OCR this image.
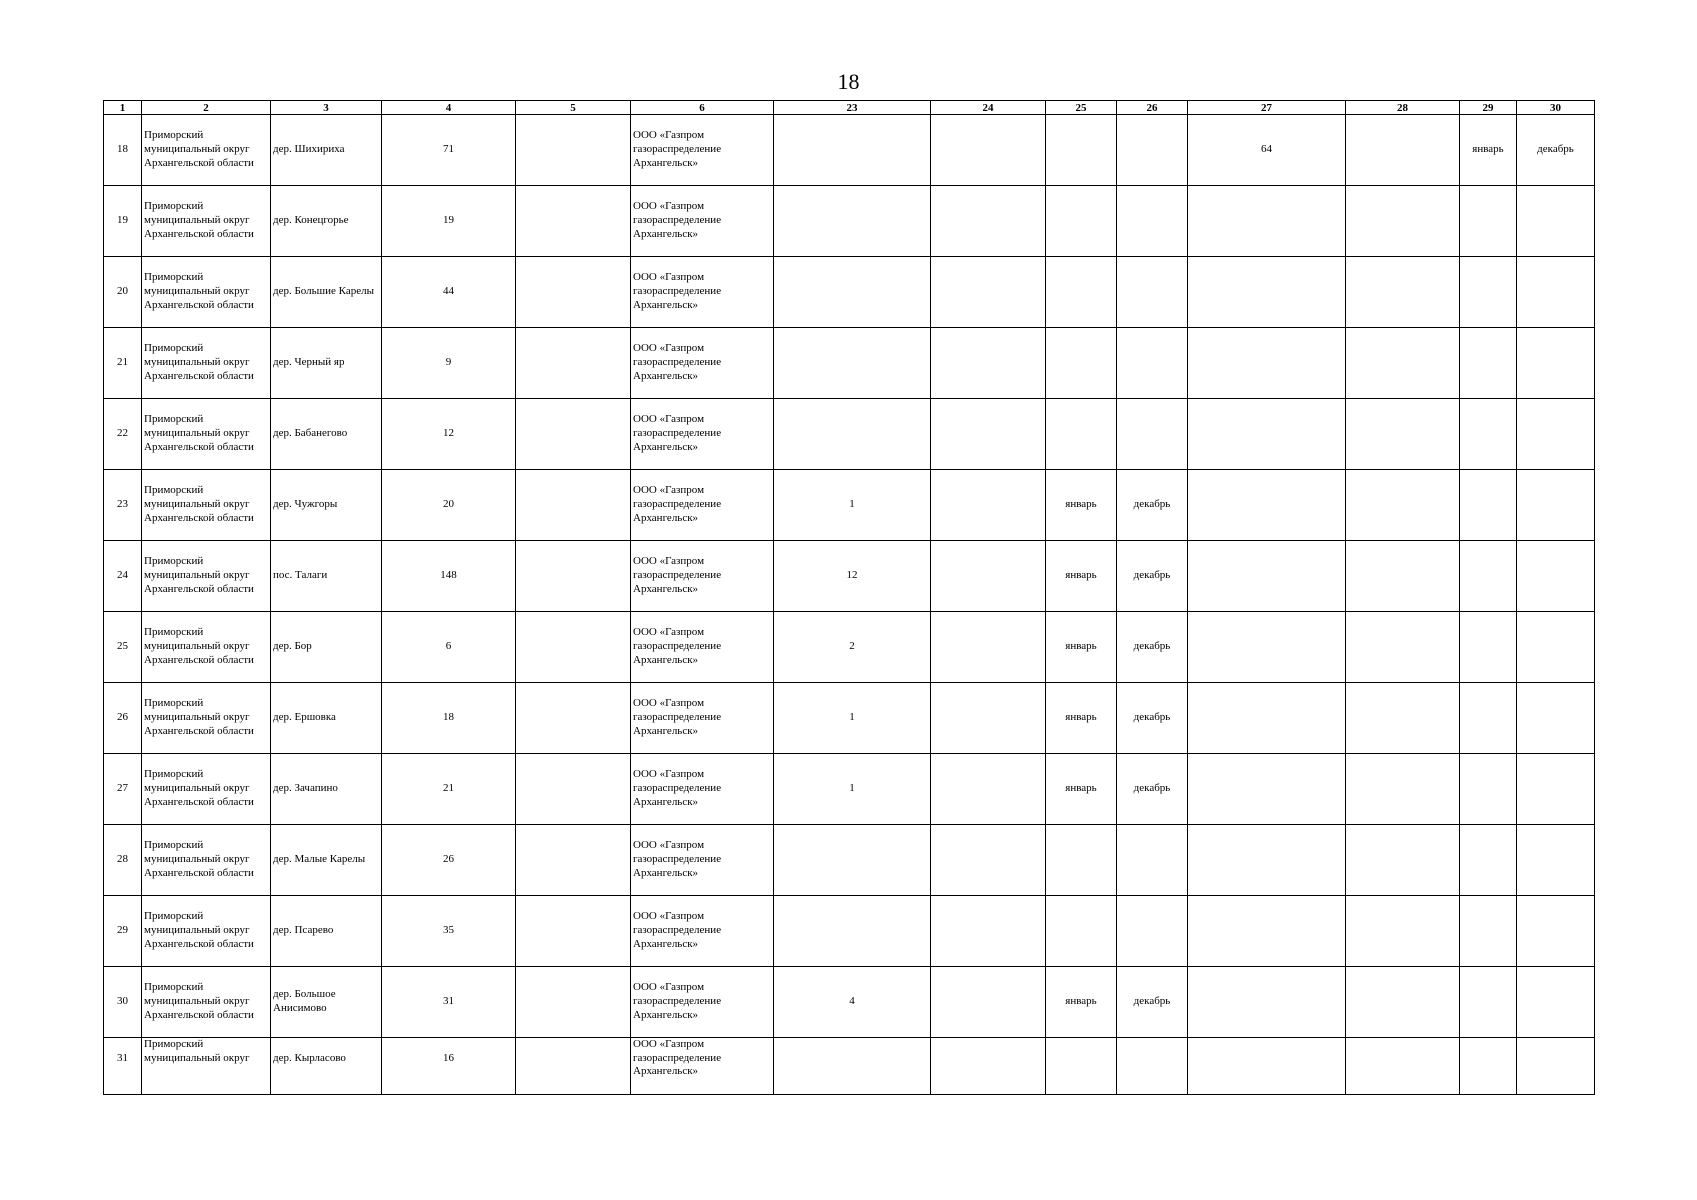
18
1	2	3	4	5	6	23	24	25	26	27	28	29	30
18	Приморский муниципальный округ Архангельской области	дер. Шихириха	71		ООО «Газпром газораспределение Архангельск»					64		январь	декабрь
19	Приморский муниципальный округ Архангельской области	дер. Конецгорье	19		ООО «Газпром газораспределение Архангельск»								
20	Приморский муниципальный округ Архангельской области	дер. Большие Карелы	44		ООО «Газпром газораспределение Архангельск»								
21	Приморский муниципальный округ Архангельской области	дер. Черный яр	9		ООО «Газпром газораспределение Архангельск»								
22	Приморский муниципальный округ Архангельской области	дер. Бабанегово	12		ООО «Газпром газораспределение Архангельск»								
23	Приморский муниципальный округ Архангельской области	дер. Чужгоры	20		ООО «Газпром газораспределение Архангельск»	1		январь	декабрь				
24	Приморский муниципальный округ Архангельской области	пос. Талаги	148		ООО «Газпром газораспределение Архангельск»	12		январь	декабрь				
25	Приморский муниципальный округ Архангельской области	дер. Бор	6		ООО «Газпром газораспределение Архангельск»	2		январь	декабрь				
26	Приморский муниципальный округ Архангельской области	дер. Ершовка	18		ООО «Газпром газораспределение Архангельск»	1		январь	декабрь				
27	Приморский муниципальный округ Архангельской области	дер. Зачапино	21		ООО «Газпром газораспределение Архангельск»	1		январь	декабрь				
28	Приморский муниципальный округ Архангельской области	дер. Малые Карелы	26		ООО «Газпром газораспределение Архангельск»								
29	Приморский муниципальный округ Архангельской области	дер. Псарево	35		ООО «Газпром газораспределение Архангельск»								
30	Приморский муниципальный округ Архангельской области	дер. Большое Анисимово	31		ООО «Газпром газораспределение Архангельск»	4		январь	декабрь				
31	Приморский муниципальный округ	дер. Кырласово	16		ООО «Газпром газораспределение Архангельск»								
